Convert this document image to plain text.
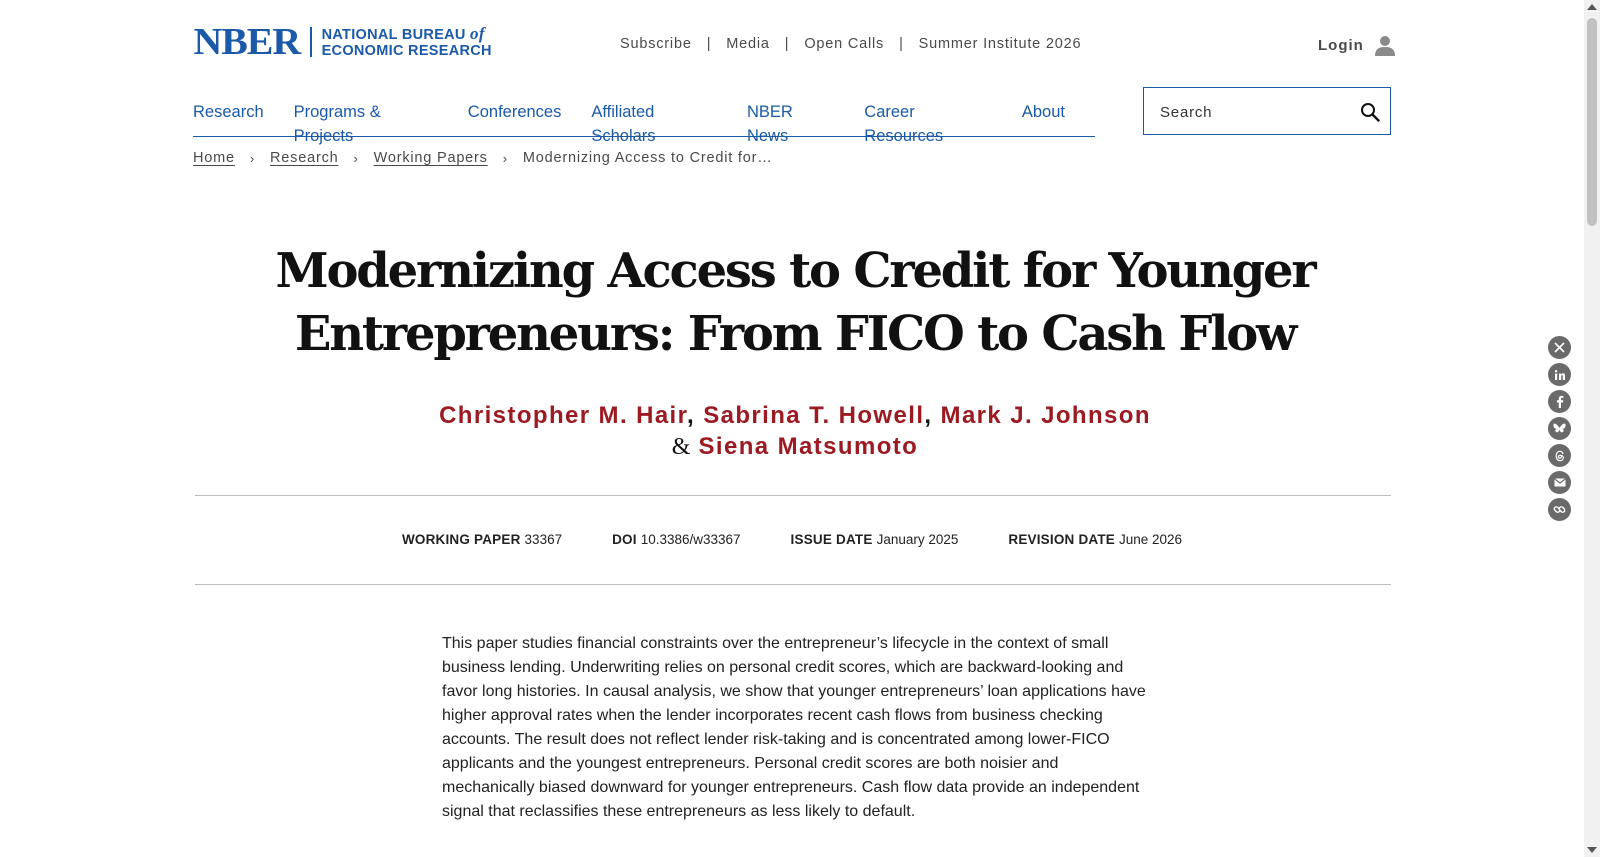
NBER NATIONAL BUREAU of
ECONOMIC RESEARCH	Subscribe | Media | Open Calls | Summer Institute 2026	Login
Research Programs & Projects
Conferences Affiliated Scholars
NBER News
Career Resources
About
Search
Home › Research › Working Papers › Modernizing Access to Credit for…
Modernizing Access to Credit for Younger Entrepreneurs: From FICO to Cash Flow
Christopher M. Hair, Sabrina T. Howell, Mark J. Johnson
& Siena Matsumoto
WORKING PAPER 33367	DOI 10.3386/w33367	ISSUE DATE January 2025	REVISION DATE June 2026

This paper studies financial constraints over the entrepreneur’s lifecycle in the context of small business lending. Underwriting relies on personal credit scores, which are backward-looking and favor long histories. In causal analysis, we show that younger entrepreneurs’ loan applications have higher approval rates when the lender incorporates recent cash flows from business checking accounts. The result does not reflect lender risk-taking and is concentrated among lower-FICO applicants and the youngest entrepreneurs. Personal credit scores are both noisier and mechanically biased downward for younger entrepreneurs. Cash flow data provide an independent signal that reclassifies these entrepreneurs as less likely to default.
